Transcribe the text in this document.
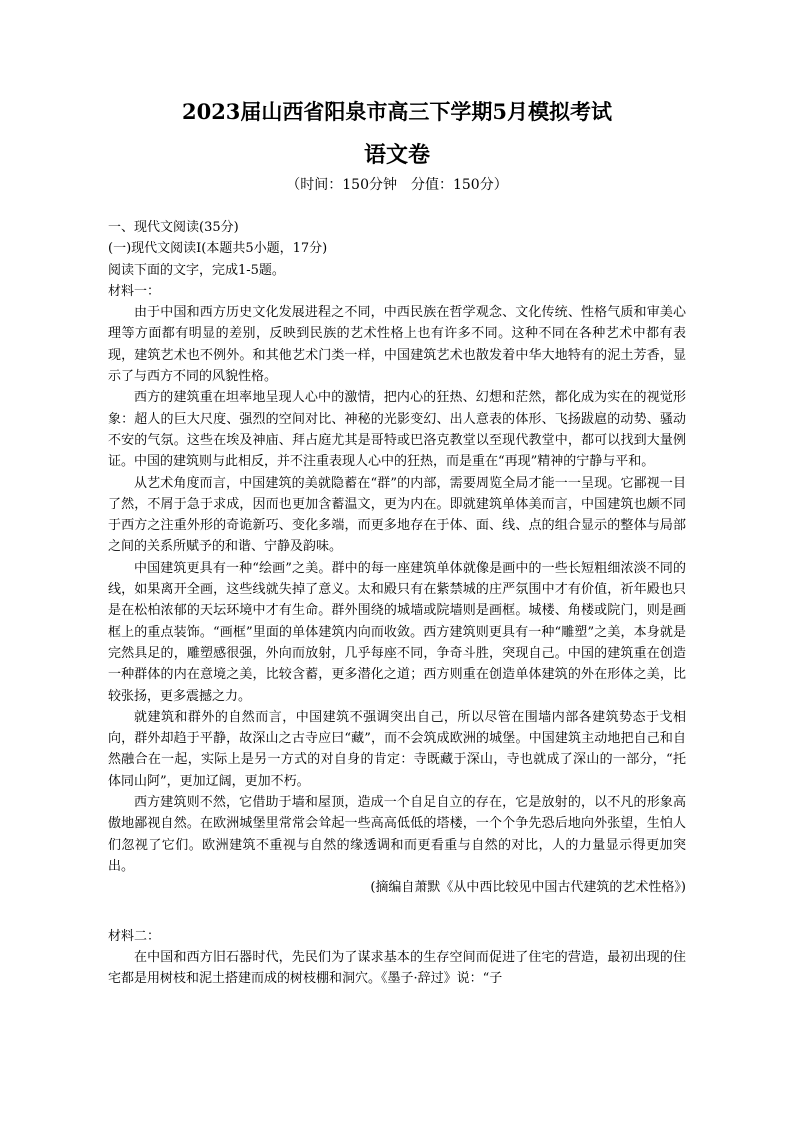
2023届山西省阳泉市高三下学期5月模拟考试
语文卷
（时间：150分钟　分值：150分）

一、现代文阅读(35分)

(一)现代文阅读Ⅰ(本题共5小题，17分)

阅读下面的文字，完成1-5题。

材料一：

由于中国和西方历史文化发展进程之不同，中西民族在哲学观念、文化传统、性格气质和审美心理等方面都有明显的差别，反映到民族的艺术性格上也有许多不同。这种不同在各种艺术中都有表现，建筑艺术也不例外。和其他艺术门类一样，中国建筑艺术也散发着中华大地特有的泥土芳香，显示了与西方不同的风貌性格。

西方的建筑重在坦率地呈现人心中的激情，把内心的狂热、幻想和茫然，都化成为实在的视觉形象：超人的巨大尺度、强烈的空间对比、神秘的光影变幻、出人意表的体形、飞扬跋扈的动势、骚动不安的气氛。这些在埃及神庙、拜占庭尤其是哥特或巴洛克教堂以至现代教堂中，都可以找到大量例证。中国的建筑则与此相反，并不注重表现人心中的狂热，而是重在“再现”精神的宁静与平和。

从艺术角度而言，中国建筑的美就隐蓄在“群”的内部，需要周览全局才能一一呈现。它鄙视一目了然，不屑于急于求成，因而也更加含蓄温文，更为内在。即就建筑单体美而言，中国建筑也颇不同于西方之注重外形的奇诡新巧、变化多端，而更多地存在于体、面、线、点的组合显示的整体与局部之间的关系所赋予的和谐、宁静及韵味。

中国建筑更具有一种“绘画”之美。群中的每一座建筑单体就像是画中的一些长短粗细浓淡不同的线，如果离开全画，这些线就失掉了意义。太和殿只有在紫禁城的庄严氛围中才有价值，祈年殿也只是在松柏浓郁的天坛环境中才有生命。群外围绕的城墙或院墙则是画框。城楼、角楼或院门，则是画框上的重点装饰。“画框”里面的单体建筑内向而收敛。西方建筑则更具有一种“雕塑”之美，本身就是完然具足的，雕塑感很强，外向而放射，几乎每座不同，争奇斗胜，突现自己。中国的建筑重在创造一种群体的内在意境之美，比较含蓄，更多潜化之道；西方则重在创造单体建筑的外在形体之美，比较张扬，更多震撼之力。

就建筑和群外的自然而言，中国建筑不强调突出自己，所以尽管在围墙内部各建筑势态于戈相向，群外却趋于平静，故深山之古寺应曰“藏”，而不会筑成欧洲的城堡。中国建筑主动地把自己和自然融合在一起，实际上是另一方式的对自身的肯定：寺既藏于深山，寺也就成了深山的一部分，“托体同山阿”，更加辽阔，更加不朽。

西方建筑则不然，它借助于墙和屋顶，造成一个自足自立的存在，它是放射的，以不凡的形象高傲地鄙视自然。在欧洲城堡里常常会耸起一些高高低低的塔楼，一个个争先恐后地向外张望，生怕人们忽视了它们。欧洲建筑不重视与自然的缘透调和而更看重与自然的对比，人的力量显示得更加突出。

(摘编自萧默《从中西比较见中国古代建筑的艺术性格》)

材料二：

在中国和西方旧石器时代，先民们为了谋求基本的生存空间而促进了住宅的营造，最初出现的住宅都是用树枝和泥土搭建而成的树枝棚和洞穴。《墨子·辞过》说：“子
